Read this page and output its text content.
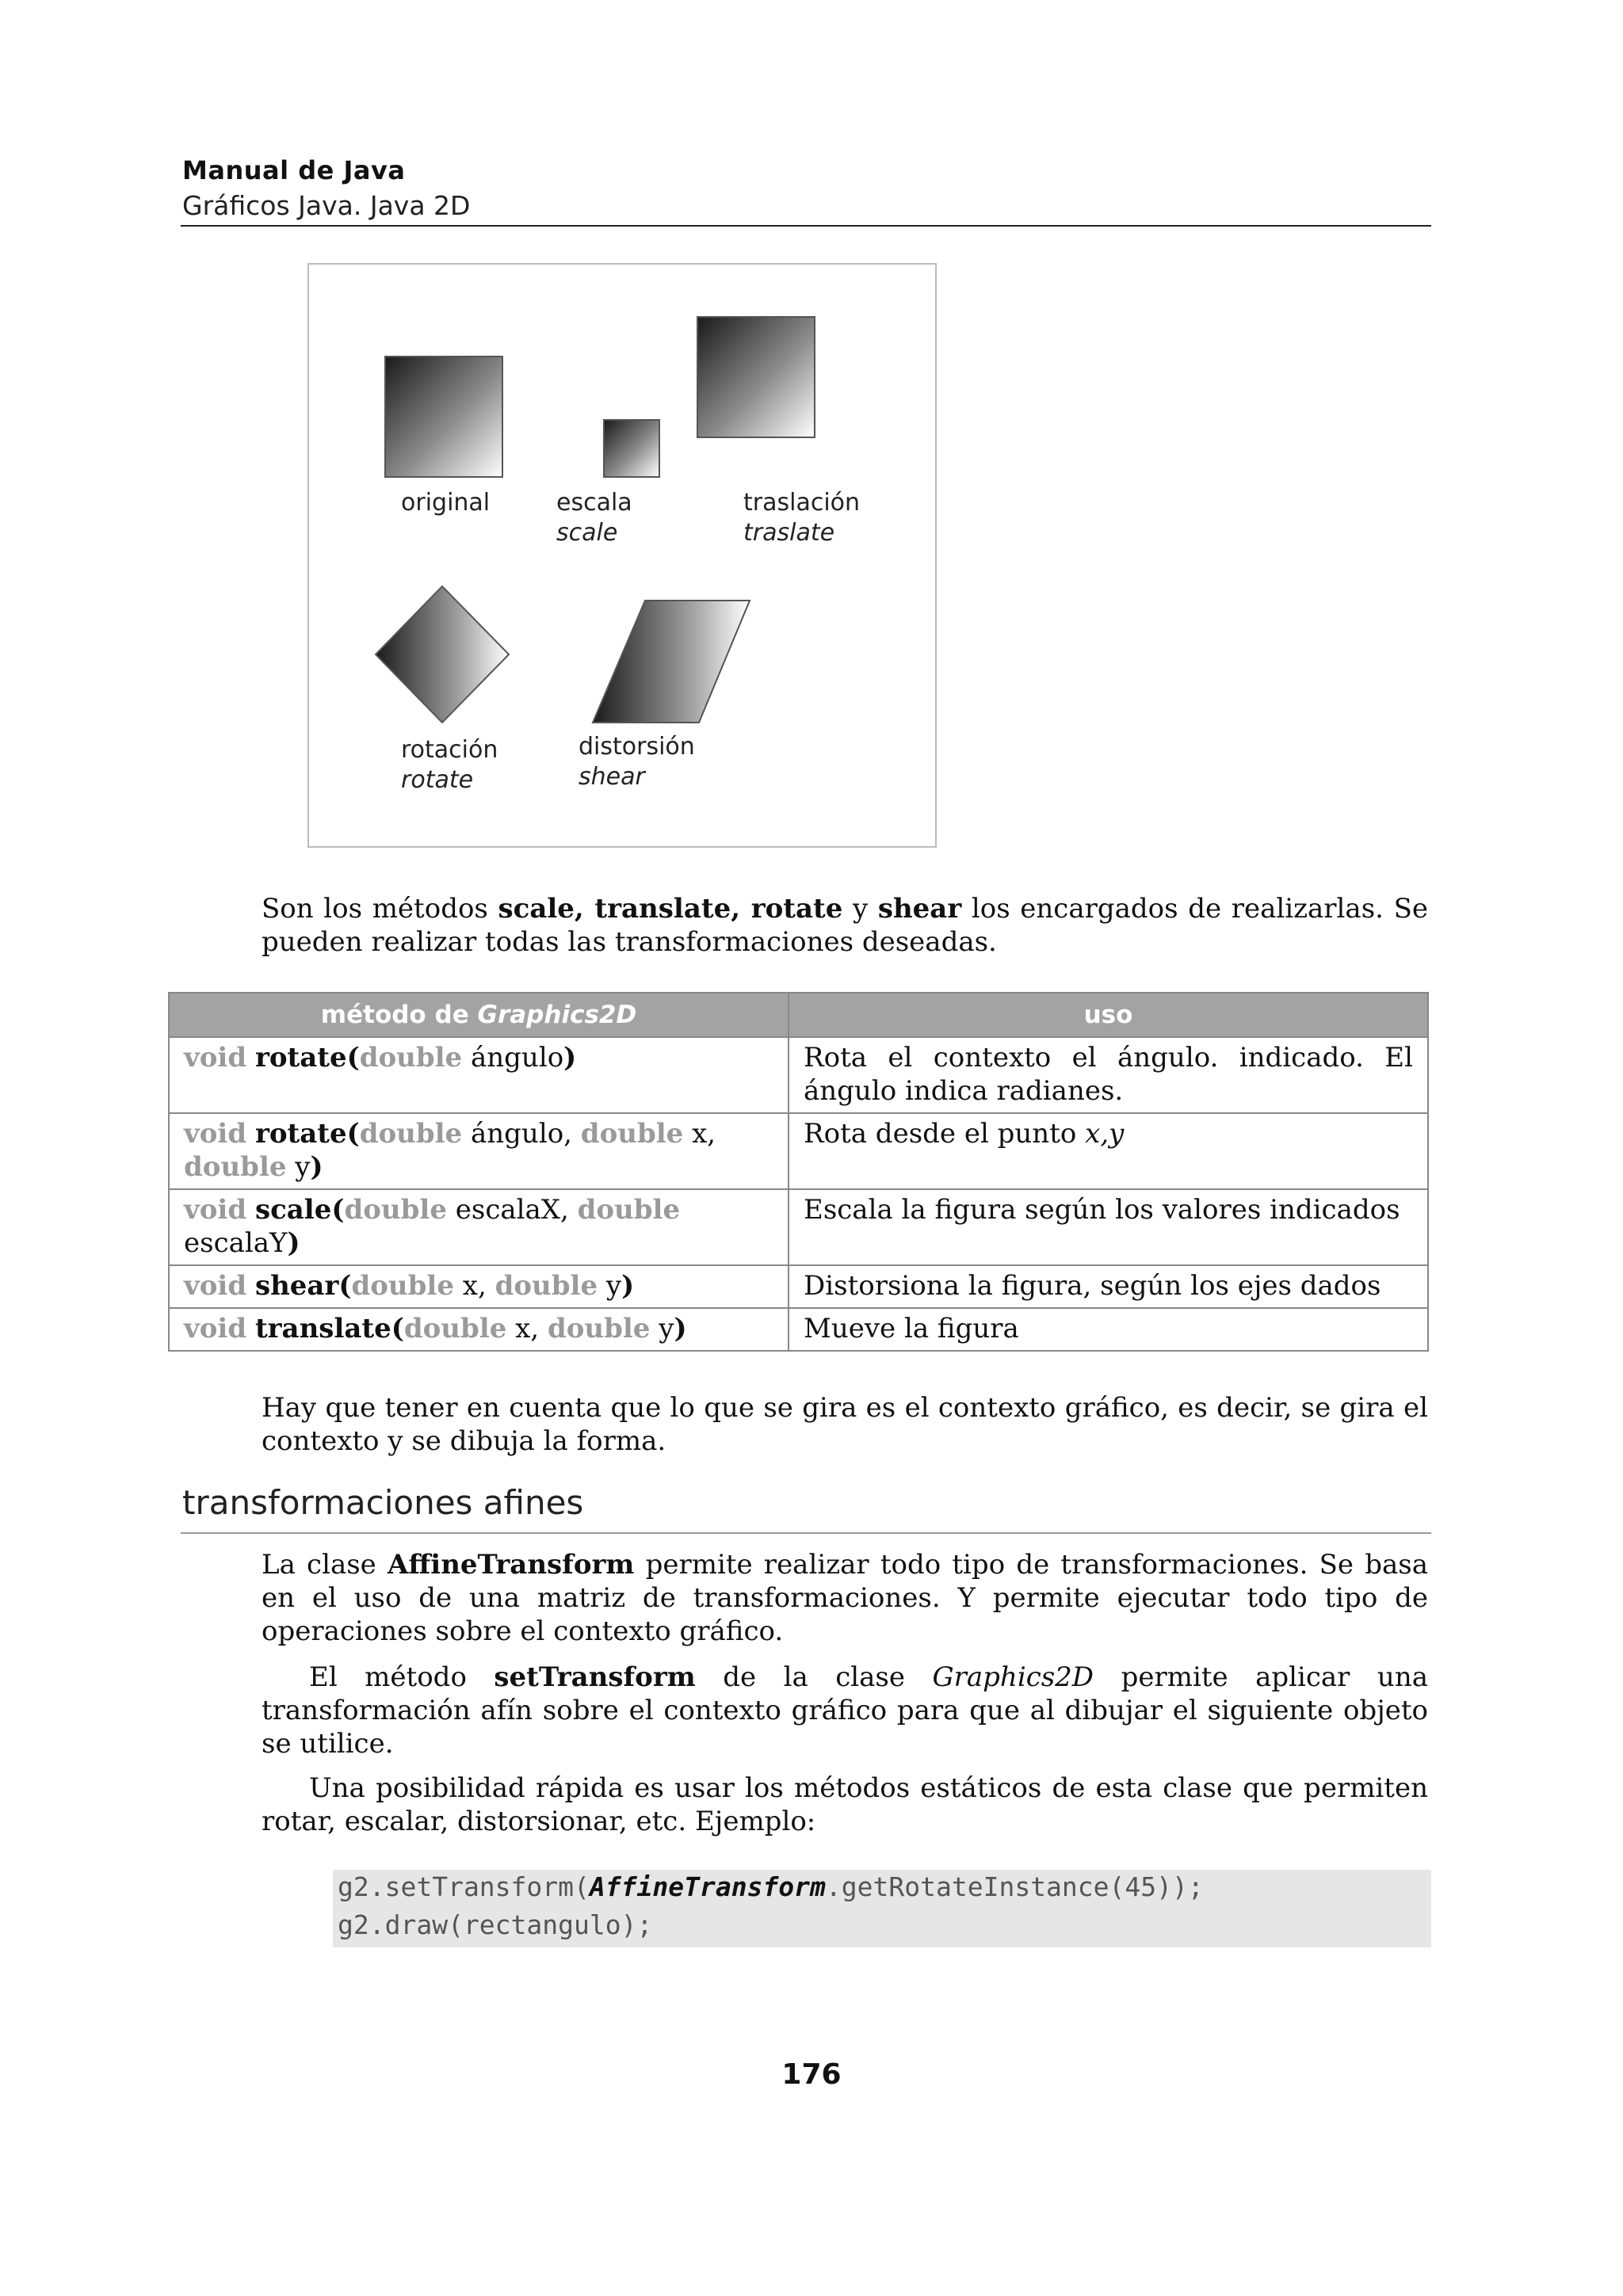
Manual de Java
Gráficos Java. Java 2D
original	escala
scale
traslación
traslate
rotación
rotate
distorsión
shear
Son los métodos scale, translate, rotate y shear los encargados de realizarlas. Se pueden realizar todas las transformaciones deseadas.
método de Graphics2D	uso
void rotate(double ángulo)	Rota el contexto el ángulo. indicado. El ángulo indica radianes.
void rotate(double ángulo, double x,
double y)	Rota desde el punto x,y
void scale(double escalaX, double
escalaY)	Escala la figura según los valores indicados
void shear(double x, double y)	Distorsiona la figura, según los ejes dados
void translate(double x, double y)	Mueve la figura
Hay que tener en cuenta que lo que se gira es el contexto gráfico, es decir, se gira el contexto y se dibuja la forma.
transformaciones afines
La clase AffineTransform permite realizar todo tipo de transformaciones. Se basa en el uso de una matriz de transformaciones. Y permite ejecutar todo tipo de operaciones sobre el contexto gráfico.
El método setTransform de la clase Graphics2D permite aplicar una transformación afín sobre el contexto gráfico para que al dibujar el siguiente objeto se utilice.
Una posibilidad rápida es usar los métodos estáticos de esta clase que permiten rotar, escalar, distorsionar, etc. Ejemplo:
g2.setTransform(AffineTransform.getRotateInstance(45));
g2.draw(rectangulo);
176
